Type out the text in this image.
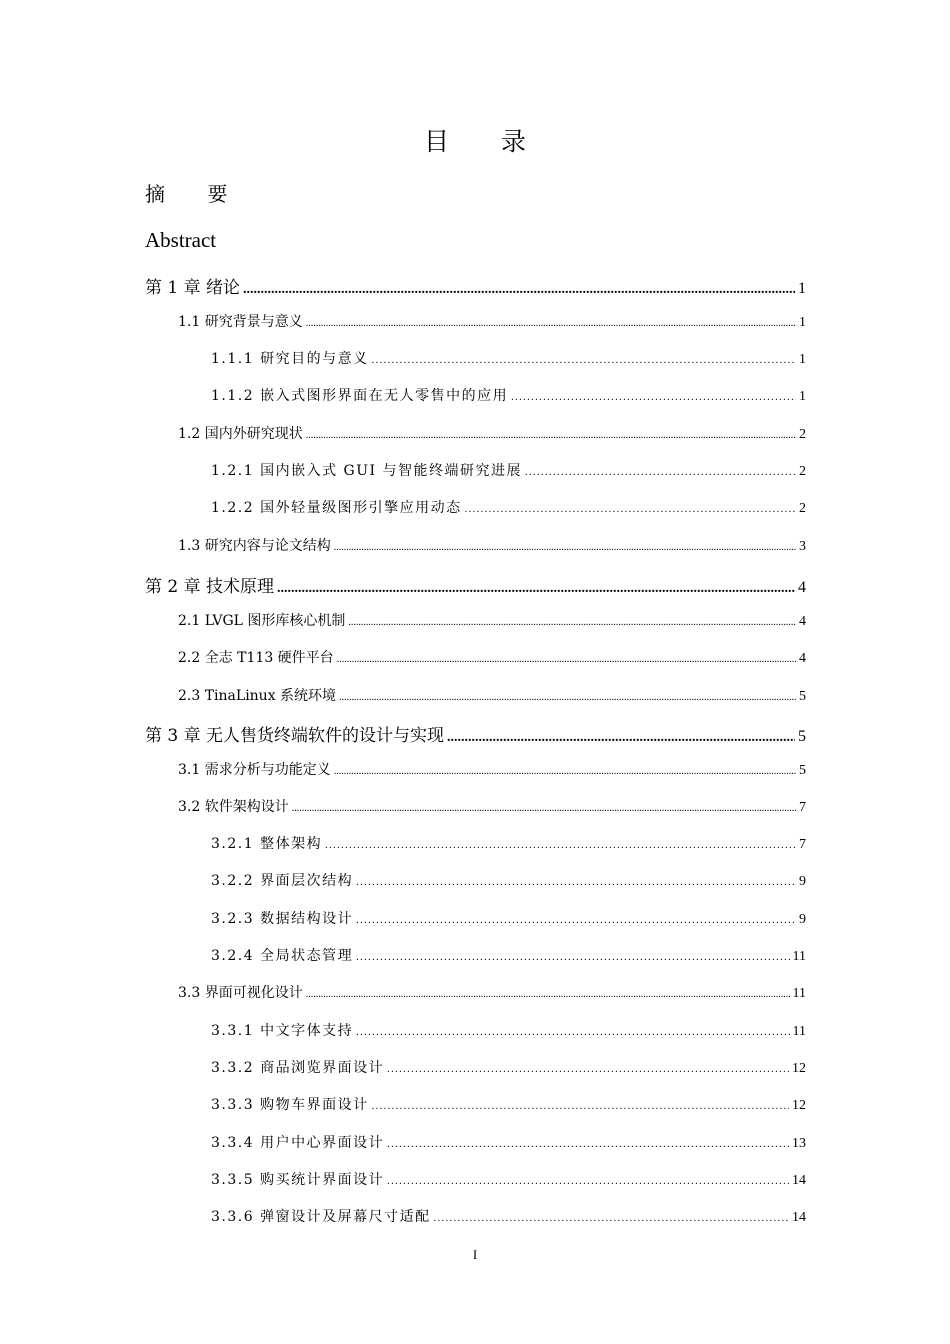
目 录
摘 要
Abstract
第 1 章 绪论 .....	1
1.1 研究背景与意义 .....	1
1.1.1 研究目的与意义 .....	1
1.1.2 嵌入式图形界面在无人零售中的应用 .....	1
1.2 国内外研究现状 .....	2
1.2.1 国内嵌入式 GUI 与智能终端研究进展 .....	2
1.2.2 国外轻量级图形引擎应用动态 .....	2
1.3 研究内容与论文结构 .....	3
第 2 章 技术原理 .....	4
2.1 LVGL 图形库核心机制 .....	4
2.2 全志 T113 硬件平台 .....	4
2.3 TinaLinux 系统环境 .....	5
第 3 章 无人售货终端软件的设计与实现 .....	5
3.1 需求分析与功能定义 .....	5
3.2 软件架构设计 .....	7
3.2.1 整体架构 .....	7
3.2.2 界面层次结构 .....	9
3.2.3 数据结构设计 .....	9
3.2.4 全局状态管理 .....	11
3.3 界面可视化设计 .....	11
3.3.1 中文字体支持 .....	11
3.3.2 商品浏览界面设计 .....	12
3.3.3 购物车界面设计 .....	12
3.3.4 用户中心界面设计 .....	13
3.3.5 购买统计界面设计 .....	14
3.3.6 弹窗设计及屏幕尺寸适配 .....	14
I
